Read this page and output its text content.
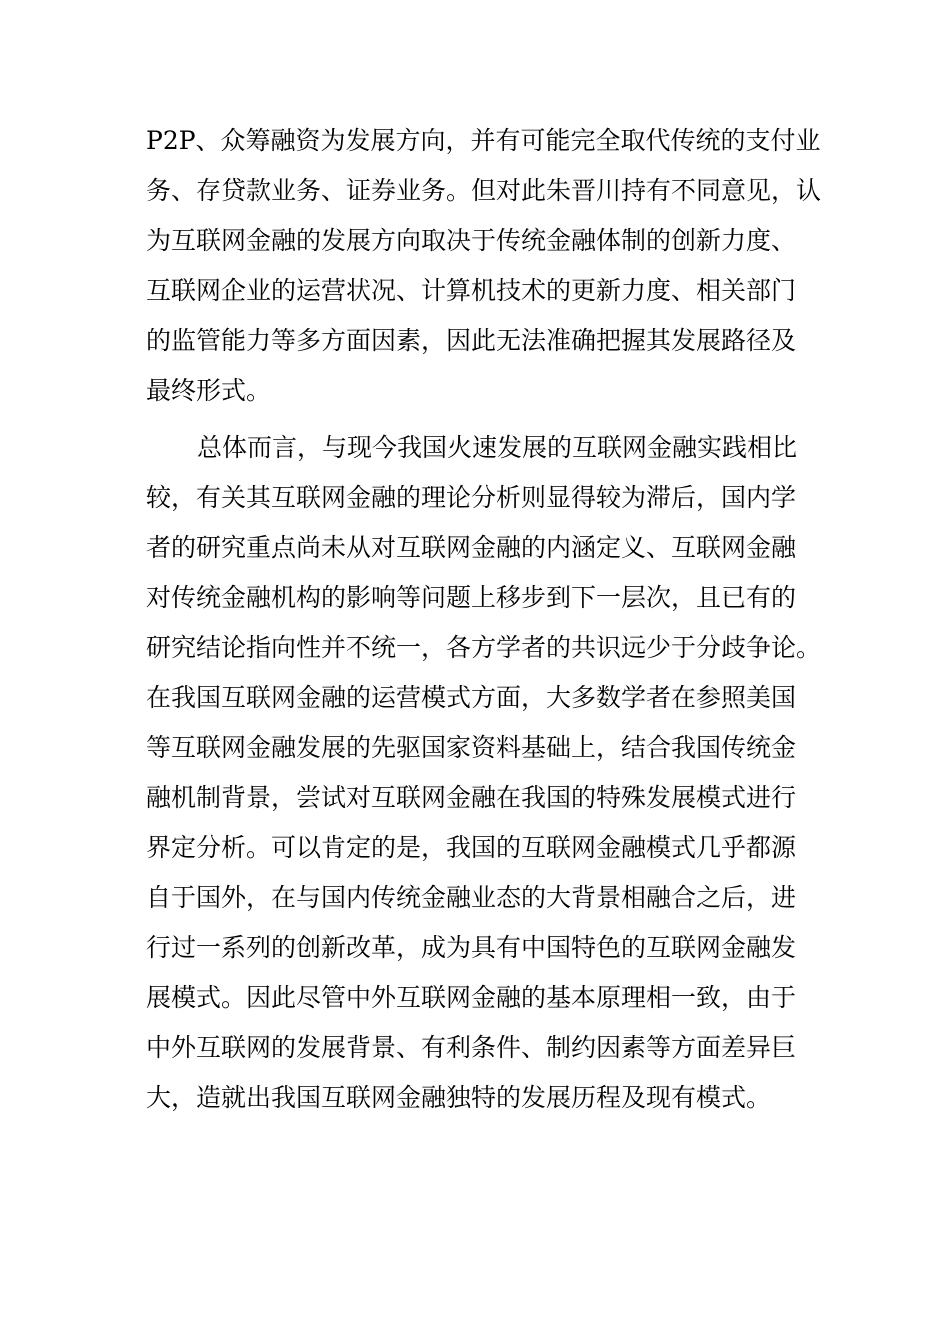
P2P、众筹融资为发展方向，并有可能完全取代传统的支付业
务、存贷款业务、证券业务。但对此朱晋川持有不同意见，认
为互联网金融的发展方向取决于传统金融体制的创新力度、
互联网企业的运营状况、计算机技术的更新力度、相关部门
的监管能力等多方面因素，因此无法准确把握其发展路径及
最终形式。
总体而言，与现今我国火速发展的互联网金融实践相比
较，有关其互联网金融的理论分析则显得较为滞后，国内学
者的研究重点尚未从对互联网金融的内涵定义、互联网金融
对传统金融机构的影响等问题上移步到下一层次，且已有的
研究结论指向性并不统一，各方学者的共识远少于分歧争论。
在我国互联网金融的运营模式方面，大多数学者在参照美国
等互联网金融发展的先驱国家资料基础上，结合我国传统金
融机制背景，尝试对互联网金融在我国的特殊发展模式进行
界定分析。可以肯定的是，我国的互联网金融模式几乎都源
自于国外，在与国内传统金融业态的大背景相融合之后，进
行过一系列的创新改革，成为具有中国特色的互联网金融发
展模式。因此尽管中外互联网金融的基本原理相一致，由于
中外互联网的发展背景、有利条件、制约因素等方面差异巨
大，造就出我国互联网金融独特的发展历程及现有模式。
